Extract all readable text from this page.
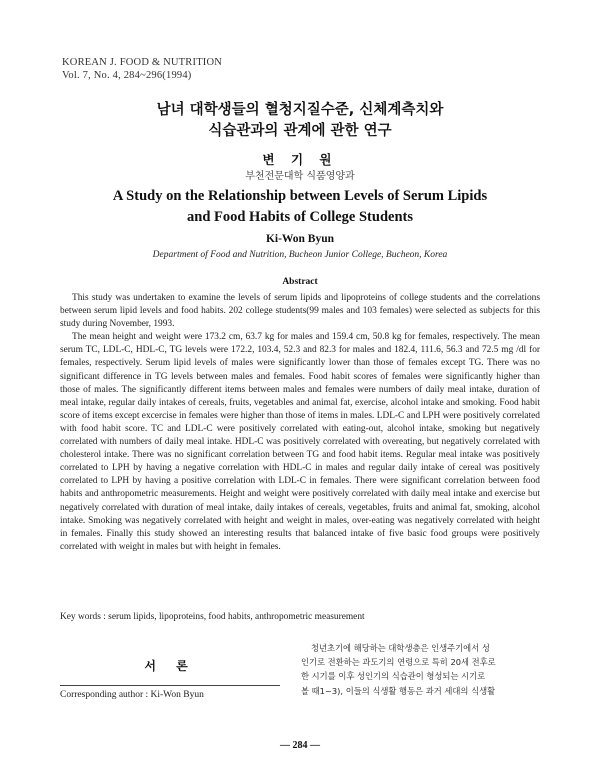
KOREAN J. FOOD & NUTRITION
Vol. 7, No. 4, 284~296(1994)
남녀 대학생들의 혈청지질수준, 신체계측치와
식습관과의 관계에 관한 연구
변 기 원
부천전문대학 식품영양과
A Study on the Relationship between Levels of Serum Lipids
and Food Habits of College Students
Ki-Won Byun
Department of Food and Nutrition, Bucheon Junior College, Bucheon, Korea
Abstract

This study was undertaken to examine the levels of serum lipids and lipoproteins of college students and the correlations between serum lipid levels and food habits. 202 college students(99 males and 103 females) were selected as subjects for this study during November, 1993.

The mean height and weight were 173.2 cm, 63.7 kg for males and 159.4 cm, 50.8 kg for females, respectively. The mean serum TC, LDL-C, HDL-C, TG levels were 172.2, 103.4, 52.3 and 82.3 for males and 182.4, 111.6, 56.3 and 72.5 mg /dl for females, respectively. Serum lipid levels of males were significantly lower than those of females except TG. There was no significant difference in TG levels between males and females. Food habit scores of females were significantly higher than those of males. The significantly different items between males and females were numbers of daily meal intake, duration of meal intake, regular daily intakes of cereals, fruits, vegetables and animal fat, exercise, alcohol intake and smoking. Food habit score of items except excercise in females were higher than those of items in males. LDL-C and LPH were positively correlated with food habit score. TC and LDL-C were positively correlated with eating-out, alcohol intake, smoking but negatively correlated with numbers of daily meal intake. HDL-C was positively correlated with overeating, but negatively correlated with cholesterol intake. There was no significant correlation between TG and food habit items. Regular meal intake was positively correlated to LPH by having a negative correlation with HDL-C in males and regular daily intake of cereal was positively correlated to LPH by having a positive correlation with LDL-C in females. There were significant correlation between food habits and anthropometric measurements. Height and weight were positively correlated with daily meal intake and exercise but negatively correlated with duration of meal intake, daily intakes of cereals, vegetables, fruits and animal fat, smoking, alcohol intake. Smoking was negatively correlated with height and weight in males, over-eating was negatively correlated with height in females. Finally this study showed an interesting results that balanced intake of five basic food groups were positively correlated with weight in males but with height in females.

Key words : serum lipids, lipoproteins, food habits, anthropometric measurement
서 론
Corresponding author : Ki-Won Byun
청년초기에 해당하는 대학생층은 인생주기에서 성
인기로 전환하는 과도기의 연령으로 특히 20세 전후로
한 시기를 이후 성인기의 식습관이 형성되는 시기로
볼 때1~3), 이들의 식생활 행동은 과거 세대의 식생활
— 284 —
